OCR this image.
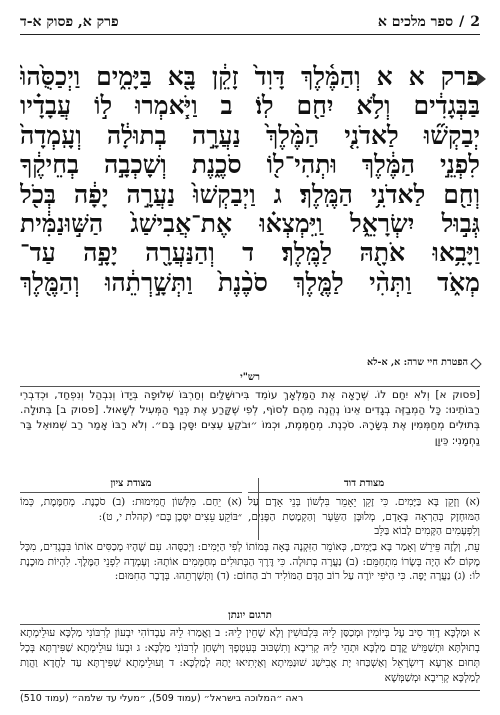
2
/
ספר מלכים א
פרק א, פסוק א-ד
פרק א א וְהַמֶּ֫לֶךְ דָּוִד֙ זָקֵ֔ן בָּ֖א בַּיָּמִ֑ים וַיְכַסֻּ֙הוּ֙
בַּבְּגָדִ֔ים וְלֹ֥א יִחַ֖ם לֽוֹ׃ ב וַיֹּ֧אמְרוּ ל֣וֹ עֲבָדָ֗יו
יְבַקְשׁ֞וּ לַאדֹנִ֤י הַמֶּ֨לֶךְ֙ נַעֲרָ֣ה בְתוּלָ֔ה וְעָֽמְדָה֙
לִפְנֵ֣י הַמֶּ֔לֶךְ וּתְהִי־ל֖וֹ סֹכֶ֑נֶת וְשָׁכְבָ֣ה בְחֵיקֶ֔ךָ
וְחַ֖ם לַאדֹנִ֥י הַמֶּֽלֶךְ׃ ג וַיְבַקְשׁוּ֙ נַעֲרָ֣ה יָפָ֔ה בְּכֹ֖ל
גְּב֣וּל יִשְׂרָאֵ֑ל וַֽיִּמְצְא֗וּ אֶת־אֲבִישַׁג֙ הַשּׁ֣וּנַמִּ֔ית
וַיָּבִ֥אוּ אֹתָ֖הּ לַמֶּֽלֶךְ׃ ד וְהַנַּעֲרָ֖ה יָפָ֣ה עַד־
מְאֹ֑ד וַתְּהִ֨י לַמֶּ֤לֶךְ סֹכֶ֨נֶת֙ וַתְּשָׁ֣רְתֵ֔הוּ וְהַמֶּ֖לֶךְ
הפטרת חיי שרה: א, א-לא
רש"י

[פסוק א] וְלֹא יִחַם לוֹ. שֶׁרָאָה אֶת הַמַּלְאָךְ עוֹמֵד בִּירוּשָׁלַיִם וְחַרְבּוֹ שְׁלוּפָה בְּיָדוֹ וְנִבְהַל וְנִפְחַד, וּכְדִבְרֵי רַבּוֹתֵינוּ: כָּל הַמְבַזֶּה בְגָדִים אֵינוֹ נֶהֱנֶה מֵהֶם לְסוֹף, לְפִי שֶׁקָּרַע אֶת כְּנַף הַמְּעִיל לְשָׁאוּל. [פסוק ב] בְּתוּלָה. בְּתוּלִים מְחַמְּמִין אֶת בְּשָׂרָהּ. סֹכֶנֶת. מְחַמֶּמֶת, וּכְמוֹ ״וּבֹקֵעַ עֵצִים יִסָּכֶן בָּם״. וְלֹא רַבּוֹ אָמַר רַב שְׁמוּאֵל בַּר נַחְמָנִי: כֵּיוָן

מצודת דוד
(א) וְזָקֵן בָּא בַּיָּמִים. כִּי זָקֵן יֵאָמֵר בִּלְשׁוֹן בְּנֵי אָדָם עַל הַמּוּחְזָק בְּהַרְאָה בָּאָדָם, מְלוּבָּן הַשֵּׂעָר וְהַקְמָטַת הַפָּנִים, וְלִפְעָמִים הַקָּמִים לָבוֹא בַּלֵּב
מצודת ציון
(א) יֵחַם. מִלְּשׁוֹן חֲמִימוּת: (ב) סֹכֶנֶת. מְחַמֶּמֶת, כְּמוֹ ״בּוֹקֵעַ עֵצִים יִסָּכֶן בָּם״ (קהלת י, ט):
עֵת, וְלָזֶה פֵּירֵשׁ וְאָמַר בָּא בַיָּמִים, כְּאוֹמֵר הַזִּקְנָה בָּאָה בְּמוֹתוֹ לְפִי הַיָּמִים: וַיְכַסֻּהוּ. עִם שֶׁהָיוּ מְכַסִּים אוֹתוֹ בִּבְגָדִים, מִכָּל מָקוֹם לֹא הָיָה בְּשָׂרוֹ מִתְחַמֵּם: (ב) נַעֲרָה בְתוּלָה. כִּי דֶּרֶךְ הַבְּתוּלִים מְחַמְּמִים אוֹתָהּ: וְעָמְדָה לִפְנֵי הַמֶּלֶךְ. לִהְיוֹת מוּכֶנֶת לוֹ: (ג) נַעֲרָה יָפָה. כִּי הַיֹּפִי יוֹרֶה עַל רוֹב הַדָּם הַמּוֹלִיד רֹב הַחוֹם: (ד) וַתְּשָׁרְתֵהוּ. בְּדָבָר הַחִמּוּם:
תרגום יונתן
א וּמַלְכָּא דָוִד סִיב עָל בְּיוֹמִין וּמְכַסַּן לֵיהּ בִּלְבוּשִׁין וְלָא שָׁחֵין לֵיהּ: ב וַאֲמַרוּ לֵיהּ עַבְדוֹהִי יִבְעוֹן לְרִבּוֹנִי מַלְכָּא עוּלֵימְתָא בְתוּלְתָּא וּתְשַׁמֵּישׁ קֳדָם מַלְכָּא וּתְהֵי לֵיהּ קְרִיבָא וְתִשְׁכּוּב בְּעִטְפָךְ וְיִשְׁחַן לְרִבּוֹנִי מַלְכָּא: ג וּבְעוֹ עוּלֵימְתָא שַׁפִּירְתָּא בְּכָל תְּחוּם אַרְעָא דְיִשְׂרָאֵל וְאַשְׁכַּחוּ יָת אֲבִישַׁג שׁוּנַמִּיתָא וְאַיְתִיאוּ יָתַהּ לְמַלְכָּא: ד וְעוּלֵימְתָא שַׁפִּירְתָּא עַד לַחֲדָא וַהֲוַת לְמַלְכָּא קְרִיבָא וּמְשַׁמְּשָׁא
ראה ״המלוכה בישראל״ (עמוד 509), ״מעלי עד שלמה״ (עמוד 510)
